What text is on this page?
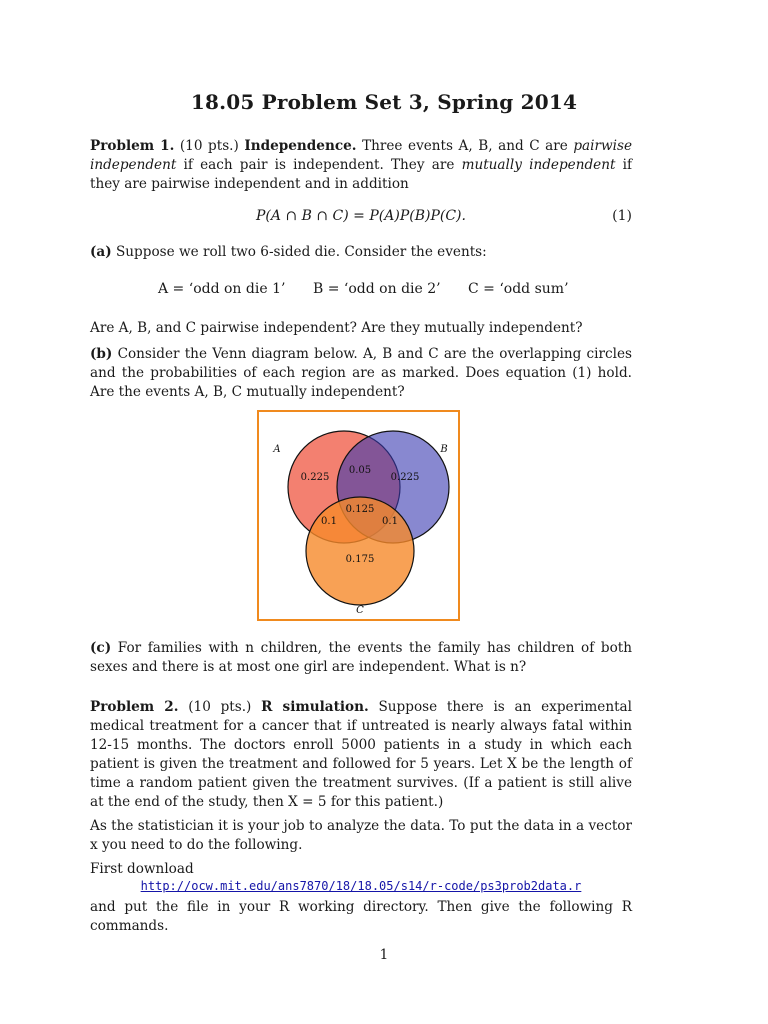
18.05 Problem Set 3, Spring 2014

Problem 1. (10 pts.) Independence. Three events A, B, and C are pairwise independent if each pair is independent. They are mutually independent if they are pairwise independent and in addition

P(A ∩ B ∩ C) = P(A)P(B)P(C).	(1)

(a) Suppose we roll two 6-sided die. Consider the events:

A = ‘odd on die 1’ B = ‘odd on die 2’ C = ‘odd sum’

Are A, B, and C pairwise independent? Are they mutually independent?

(b) Consider the Venn diagram below. A, B and C are the overlapping circles and the probabilities of each region are as marked. Does equation (1) hold. Are the events A, B, C mutually independent?

A	B
C
0.225	0.225
0.05
0.125
0.1	0.1
0.175

(c) For families with n children, the events the family has children of both sexes and there is at most one girl are independent. What is n?

Problem 2. (10 pts.) R simulation. Suppose there is an experimental medical treatment for a cancer that if untreated is nearly always fatal within 12-15 months. The doctors enroll 5000 patients in a study in which each patient is given the treatment and followed for 5 years. Let X be the length of time a random patient given the treatment survives. (If a patient is still alive at the end of the study, then X = 5 for this patient.)

As the statistician it is your job to analyze the data. To put the data in a vector x you need to do the following.

First download

http://ocw.mit.edu/ans7870/18/18.05/s14/r-code/ps3prob2data.r

and put the file in your R working directory. Then give the following R commands.

1
